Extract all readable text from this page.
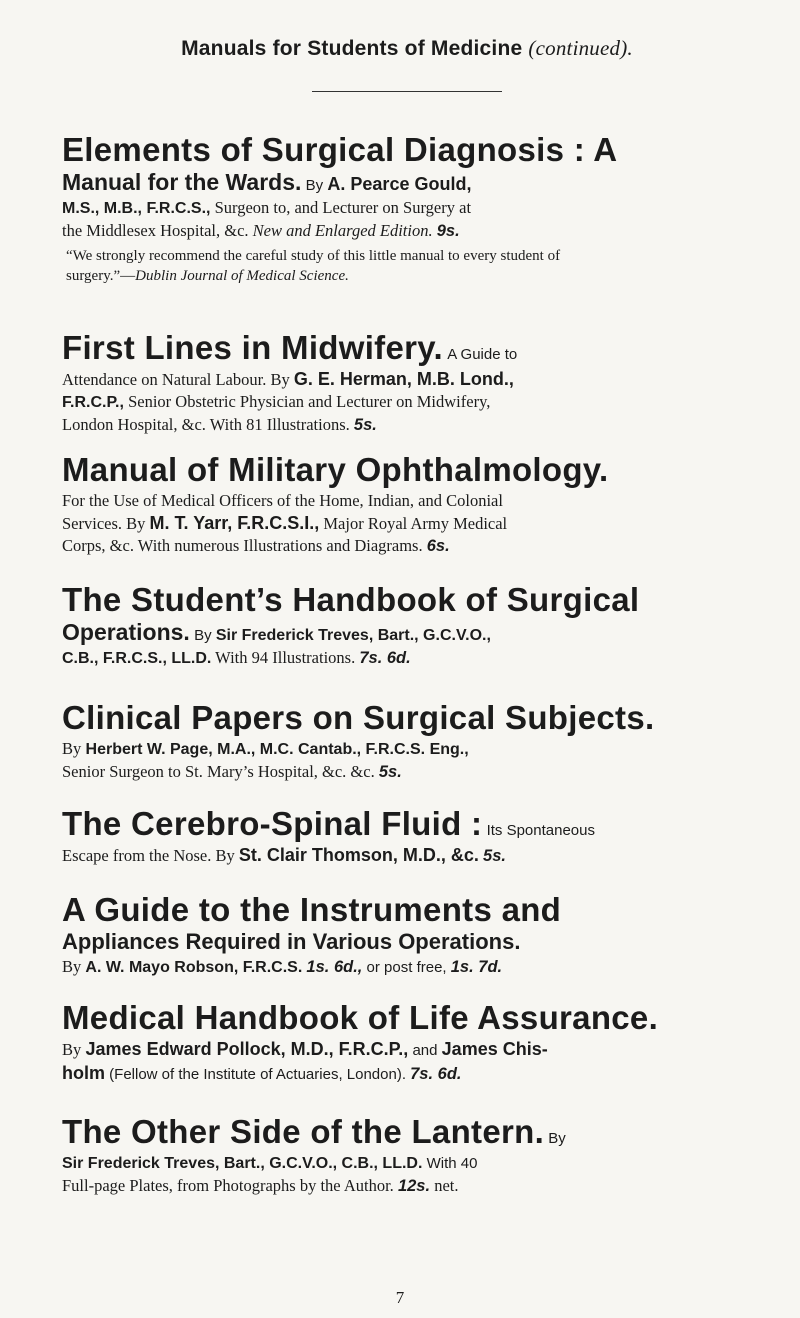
Manuals for Students of Medicine (continued).
Elements of Surgical Diagnosis : A
Manual for the Wards. By A. Pearce Gould,
M.S., M.B., F.R.C.S., Surgeon to, and Lecturer on Surgery at
the Middlesex Hospital, &c. New and Enlarged Edition. 9s.
“We strongly recommend the careful study of this little manual to every student of
surgery.”—Dublin Journal of Medical Science.
First Lines in Midwifery. A Guide to
Attendance on Natural Labour. By G. E. Herman, M.B. Lond.,
F.R.C.P., Senior Obstetric Physician and Lecturer on Midwifery,
London Hospital, &c. With 81 Illustrations. 5s.
Manual of Military Ophthalmology.
For the Use of Medical Officers of the Home, Indian, and Colonial
Services. By M. T. Yarr, F.R.C.S.I., Major Royal Army Medical
Corps, &c. With numerous Illustrations and Diagrams. 6s.
The Student’s Handbook of Surgical
Operations. By Sir Frederick Treves, Bart., G.C.V.O.,
C.B., F.R.C.S., LL.D. With 94 Illustrations. 7s. 6d.
Clinical Papers on Surgical Subjects.
By Herbert W. Page, M.A., M.C. Cantab., F.R.C.S. Eng.,
Senior Surgeon to St. Mary’s Hospital, &c. &c. 5s.
The Cerebro-Spinal Fluid : Its Spontaneous
Escape from the Nose. By St. Clair Thomson, M.D., &c. 5s.
A Guide to the Instruments and
Appliances Required in Various Operations.
By A. W. Mayo Robson, F.R.C.S. 1s. 6d., or post free, 1s. 7d.
Medical Handbook of Life Assurance.
By James Edward Pollock, M.D., F.R.C.P., and James Chis-
holm (Fellow of the Institute of Actuaries, London). 7s. 6d.
The Other Side of the Lantern. By
Sir Frederick Treves, Bart., G.C.V.O., C.B., LL.D. With 40
Full-page Plates, from Photographs by the Author. 12s. net.
7
